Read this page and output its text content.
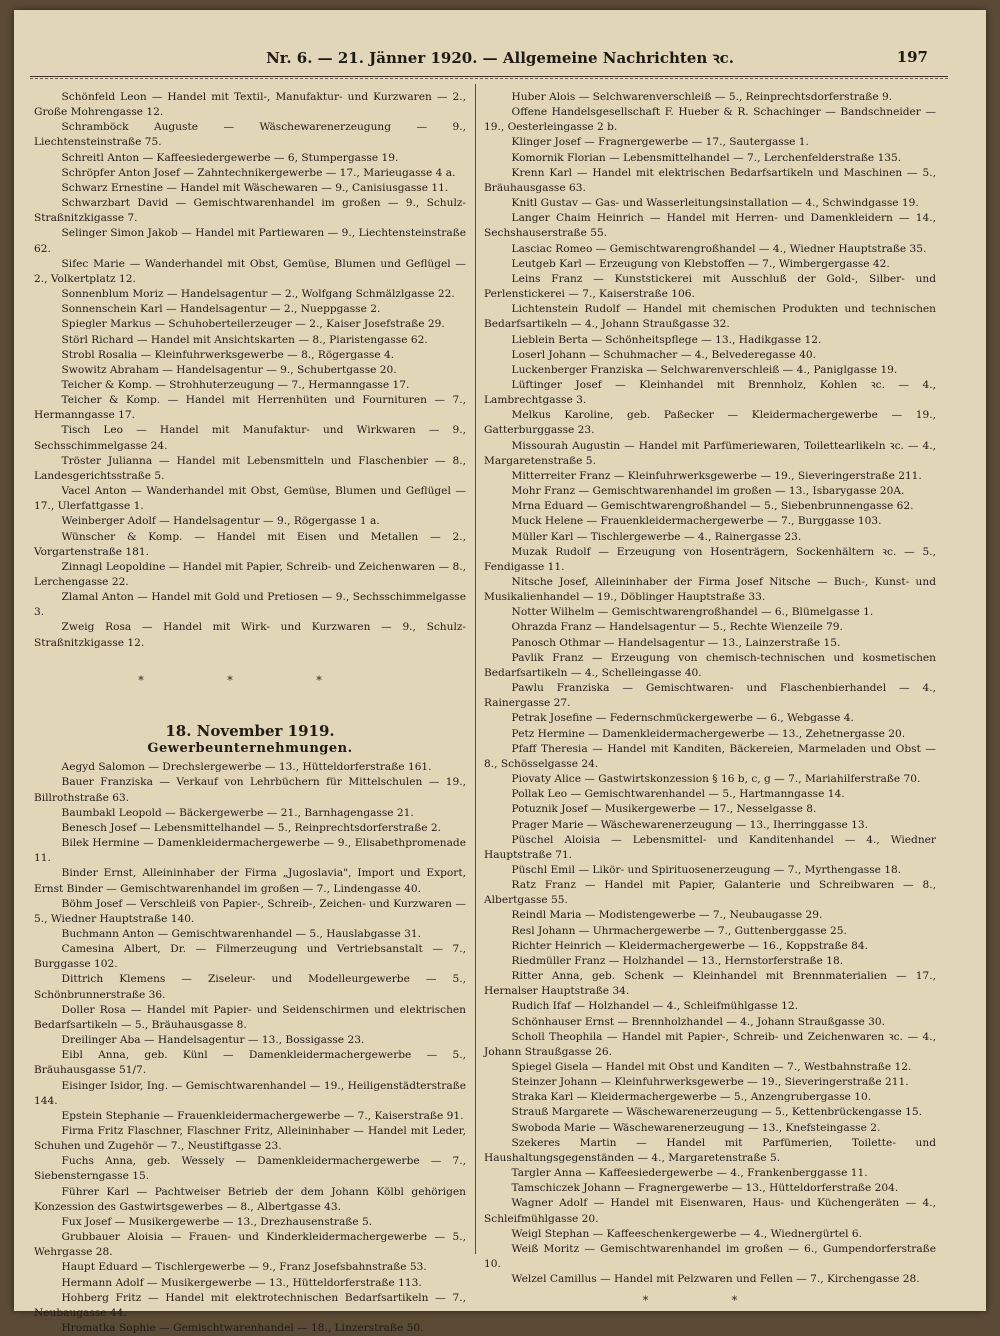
Nr. 6. — 21. Jänner 1920. — Allgemeine Nachrichten ꝛc.	197

Schönfeld Leon — Handel mit Textil-, Manufaktur- und Kurzwaren — 2., Große Mohrengasse 12.

Schramböck Auguste — Wäschewarenerzeugung — 9., Liechtensteinstraße 75.

Schreitl Anton — Kaffeesiedergewerbe — 6, Stumpergasse 19.

Schröpfer Anton Josef — Zahntechnikergewerbe — 17., Marieugasse 4 a.

Schwarz Ernestine — Handel mit Wäschewaren — 9., Canisiusgasse 11.

Schwarzbart David — Gemischtwarenhandel im großen — 9., Schulz-Straßnitzkigasse 7.

Selinger Simon Jakob — Handel mit Partiewaren — 9., Liechtensteinstraße 62.

Sifec Marie — Wanderhandel mit Obst, Gemüse, Blumen und Geflügel — 2., Volkertplatz 12.

Sonnenblum Moriz — Handelsagentur — 2., Wolfgang Schmälzlgasse 22.

Sonnenschein Karl — Handelsagentur — 2., Nueppgasse 2.

Spiegler Markus — Schuhoberteilerzeuger — 2., Kaiser Josefstraße 29.

Störl Richard — Handel mit Ansichtskarten — 8., Piaristengasse 62.

Strobl Rosalia — Kleinfuhrwerksgewerbe — 8., Rögergasse 4.

Swowitz Abraham — Handelsagentur — 9., Schubertgasse 20.

Teicher & Komp. — Strohhuterzeugung — 7., Hermanngasse 17.

Teicher & Komp. — Handel mit Herrenhüten und Fournituren — 7., Hermanngasse 17.

Tisch Leo — Handel mit Manufaktur- und Wirkwaren — 9., Sechsschimmelgasse 24.

Tröster Julianna — Handel mit Lebensmitteln und Flaschenbier — 8., Landesgerichtsstraße 5.

Vacel Anton — Wanderhandel mit Obst, Gemüse, Blumen und Geflügel — 17., Ulerfattgasse 1.

Weinberger Adolf — Handelsagentur — 9., Rögergasse 1 a.

Wünscher & Komp. — Handel mit Eisen und Metallen — 2., Vorgartenstraße 181.

Zinnagl Leopoldine — Handel mit Papier, Schreib- und Zeichenwaren — 8., Lerchengasse 22.

Zlamal Anton — Handel mit Gold und Pretiosen — 9., Sechsschimmelgasse 3.

Zweig Rosa — Handel mit Wirk- und Kurzwaren — 9., Schulz-Straßnitzkigasse 12.

* * *
18. November 1919.
Gewerbeunternehmungen.

Aegyd Salomon — Drechslergewerbe — 13., Hütteldorferstraße 161.

Bauer Franziska — Verkauf von Lehrbüchern für Mittelschulen — 19., Billrothstraße 63.

Baumbakl Leopold — Bäckergewerbe — 21., Barnhagengasse 21.

Benesch Josef — Lebensmittelhandel — 5., Reinprechtsdorferstraße 2.

Bilek Hermine — Damenkleidermachergewerbe — 9., Elisabethpromenade 11.

Binder Ernst, Alleininhaber der Firma „Jugoslavia", Import und Export, Ernst Binder — Gemischtwarenhandel im großen — 7., Lindengasse 40.

Böhm Josef — Verschleiß von Papier-, Schreib-, Zeichen- und Kurzwaren — 5., Wiedner Hauptstraße 140.

Buchmann Anton — Gemischtwarenhandel — 5., Hauslabgasse 31.

Camesina Albert, Dr. — Filmerzeugung und Vertriebsanstalt — 7., Burggasse 102.

Dittrich Klemens — Ziseleur- und Modelleurgewerbe — 5., Schönbrunnerstraße 36.

Doller Rosa — Handel mit Papier- und Seidenschirmen und elektrischen Bedarfsartikeln — 5., Bräuhausgasse 8.

Dreilinger Aba — Handelsagentur — 13., Bossigasse 23.

Eibl Anna, geb. Künl — Damenkleidermachergewerbe — 5., Bräuhausgasse 51/7.

Eisinger Isidor, Ing. — Gemischtwarenhandel — 19., Heiligenstädterstraße 144.

Epstein Stephanie — Frauenkleidermachergewerbe — 7., Kaiserstraße 91.

Firma Fritz Flaschner, Flaschner Fritz, Alleininhaber — Handel mit Leder, Schuhen und Zugehör — 7., Neustiftgasse 23.

Fuchs Anna, geb. Wessely — Damenkleidermachergewerbe — 7., Siebensterngasse 15.

Führer Karl — Pachtweiser Betrieb der dem Johann Kölbl gehörigen Konzession des Gastwirtsgewerbes — 8., Albertgasse 43.

Fux Josef — Musikergewerbe — 13., Drezhausenstraße 5.

Grubbauer Aloisia — Frauen- und Kinderkleidermachergewerbe — 5., Wehrgasse 28.

Haupt Eduard — Tischlergewerbe — 9., Franz Josefsbahnstraße 53.

Hermann Adolf — Musikergewerbe — 13., Hütteldorferstraße 113.

Hohberg Fritz — Handel mit elektrotechnischen Bedarfsartikeln — 7., Neubaugasse 44.

Hromatka Sophie — Gemischtwarenhandel — 18., Linzerstraße 50.

Huber Alois — Selchwarenverschleiß — 5., Reinprechtsdorferstraße 9.

Offene Handelsgesellschaft F. Hueber & R. Schachinger — Bandschneider — 19., Oesterleingasse 2 b.

Klinger Josef — Fragnergewerbe — 17., Sautergasse 1.

Komornik Florian — Lebensmittelhandel — 7., Lerchenfelderstraße 135.

Krenn Karl — Handel mit elektrischen Bedarfsartikeln und Maschinen — 5., Bräuhausgasse 63.

Knitl Gustav — Gas- und Wasserleitungsinstallation — 4., Schwindgasse 19.

Langer Chaim Heinrich — Handel mit Herren- und Damenkleidern — 14., Sechshauserstraße 55.

Lasciac Romeo — Gemischtwarengroßhandel — 4., Wiedner Hauptstraße 35.

Leutgeb Karl — Erzeugung von Klebstoffen — 7., Wimbergergasse 42.

Leins Franz — Kunststickerei mit Ausschluß der Gold-, Silber- und Perlenstickerei — 7., Kaiserstraße 106.

Lichtenstein Rudolf — Handel mit chemischen Produkten und technischen Bedarfsartikeln — 4., Johann Straußgasse 32.

Lieblein Berta — Schönheitspflege — 13., Hadikgasse 12.

Loserl Johann — Schuhmacher — 4., Belvederegasse 40.

Luckenberger Franziska — Selchwarenverschleiß — 4., Paniglgasse 19.

Lüftinger Josef — Kleinhandel mit Brennholz, Kohlen ꝛc. — 4., Lambrechtgasse 3.

Melkus Karoline, geb. Paßecker — Kleidermachergewerbe — 19., Gatterburggasse 23.

Missourah Augustin — Handel mit Parfümeriewaren, Toilettearlikeln ꝛc. — 4., Margaretenstraße 5.

Mitterreiter Franz — Kleinfuhrwerksgewerbe — 19., Sieveringerstraße 211.

Mohr Franz — Gemischtwarenhandel im großen — 13., Isbarygasse 20A.

Mrna Eduard — Gemischtwarengroßhandel — 5., Siebenbrunnengasse 62.

Muck Helene — Frauenkleidermachergewerbe — 7., Burggasse 103.

Müller Karl — Tischlergewerbe — 4., Rainergasse 23.

Muzak Rudolf — Erzeugung von Hosenträgern, Sockenhältern ꝛc. — 5., Fendigasse 11.

Nitsche Josef, Alleininhaber der Firma Josef Nitsche — Buch-, Kunst- und Musikalienhandel — 19., Döblinger Hauptstraße 33.

Notter Wilhelm — Gemischtwarengroßhandel — 6., Blümelgasse 1.

Ohrazda Franz — Handelsagentur — 5., Rechte Wienzeile 79.

Panosch Othmar — Handelsagentur — 13., Lainzerstraße 15.

Pavlik Franz — Erzeugung von chemisch-technischen und kosmetischen Bedarfsartikeln — 4., Schelleingasse 40.

Pawlu Franziska — Gemischtwaren- und Flaschenbierhandel — 4., Rainergasse 27.

Petrak Josefine — Federnschmückergewerbe — 6., Webgasse 4.

Petz Hermine — Damenkleidermachergewerbe — 13., Zehetnergasse 20.

Pfaff Theresia — Handel mit Kanditen, Bäckereien, Marmeladen und Obst — 8., Schösselgasse 24.

Piovaty Alice — Gastwirtskonzession § 16 b, c, g — 7., Mariahilferstraße 70.

Pollak Leo — Gemischtwarenhandel — 5., Hartmanngasse 14.

Potuznik Josef — Musikergewerbe — 17., Nesselgasse 8.

Prager Marie — Wäschewarenerzeugung — 13., Iherringgasse 13.

Püschel Aloisia — Lebensmittel- und Kanditenhandel — 4., Wiedner Hauptstraße 71.

Püschl Emil — Likör- und Spirituosenerzeugung — 7., Myrthengasse 18.

Ratz Franz — Handel mit Papier, Galanterie und Schreibwaren — 8., Albertgasse 55.

Reindl Maria — Modistengewerbe — 7., Neubaugasse 29.

Resl Johann — Uhrmachergewerbe — 7., Guttenberggasse 25.

Richter Heinrich — Kleidermachergewerbe — 16., Koppstraße 84.

Riedmüller Franz — Holzhandel — 13., Hernstorferstraße 18.

Ritter Anna, geb. Schenk — Kleinhandel mit Brennmaterialien — 17., Hernalser Hauptstraße 34.

Rudich Ifaf — Holzhandel — 4., Schleifmühlgasse 12.

Schönhauser Ernst — Brennholzhandel — 4., Johann Straußgasse 30.

Scholl Theophila — Handel mit Papier-, Schreib- und Zeichenwaren ꝛc. — 4., Johann Straußgasse 26.

Spiegel Gisela — Handel mit Obst und Kanditen — 7., Westbahnstraße 12.

Steinzer Johann — Kleinfuhrwerksgewerbe — 19., Sieveringerstraße 211.

Straka Karl — Kleidermachergewerbe — 5., Anzengrubergasse 10.

Strauß Margarete — Wäschewarenerzeugung — 5., Kettenbrückengasse 15.

Swoboda Marie — Wäschewarenerzeugung — 13., Knefsteingasse 2.

Szekeres Martin — Handel mit Parfümerien, Toilette- und Haushaltungsgegenständen — 4., Margaretenstraße 5.

Targler Anna — Kaffeesiedergewerbe — 4., Frankenberggasse 11.

Tamschiczek Johann — Fragnergewerbe — 13., Hütteldorferstraße 204.

Wagner Adolf — Handel mit Eisenwaren, Haus- und Küchengeräten — 4., Schleifmühlgasse 20.

Weigl Stephan — Kaffeeschenkergewerbe — 4., Wiednergürtel 6.

Weiß Moritz — Gemischtwarenhandel im großen — 6., Gumpendorferstraße 10.

Welzel Camillus — Handel mit Pelzwaren und Fellen — 7., Kirchengasse 28.

* *
